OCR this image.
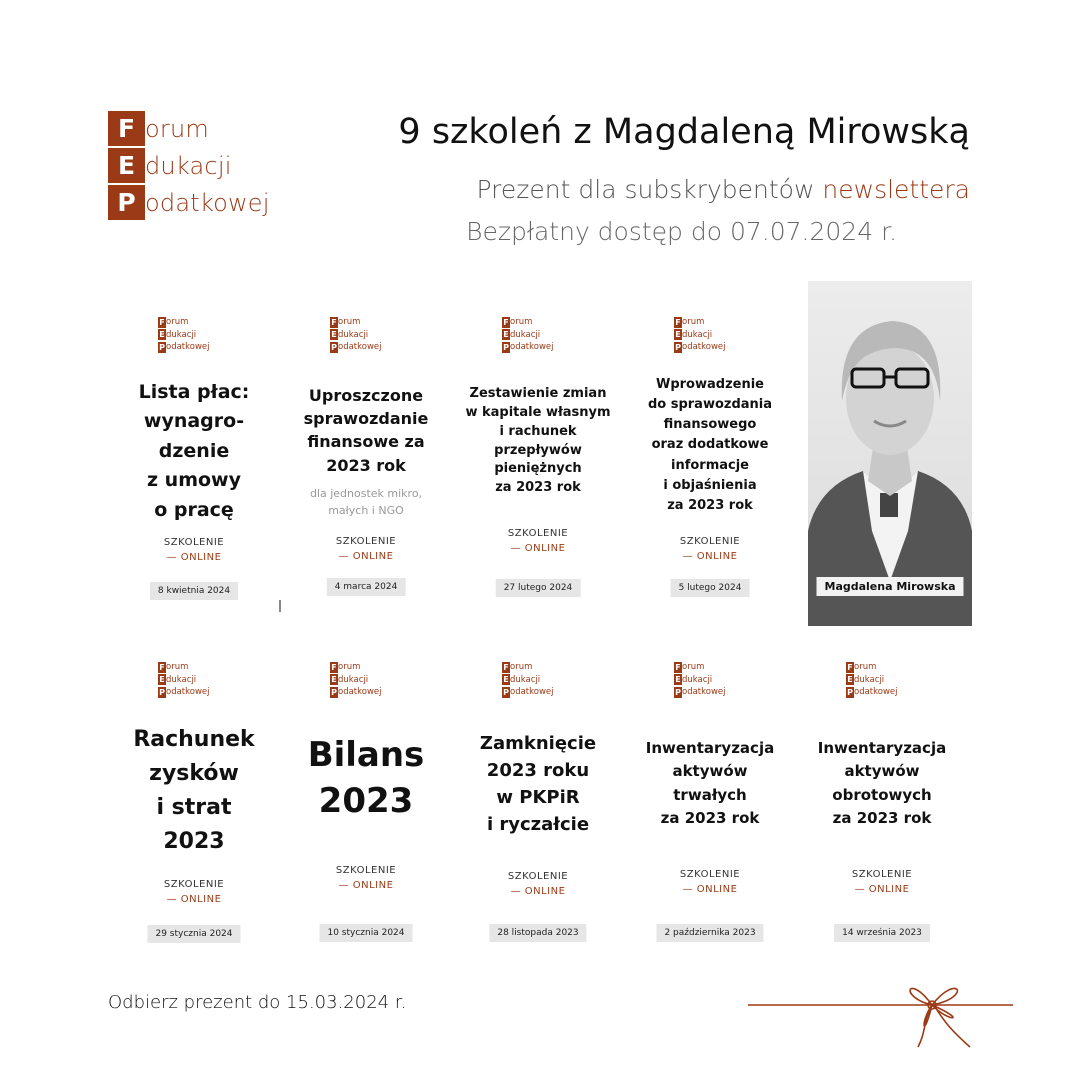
F orum
E dukacji
P odatkowej
9 szkoleń z Magdaleną Mirowską
Prezent dla subskrybentów newslettera
Bezpłatny dostęp do 07.07.2024 r.
F orum
E dukacji
P odatkowej
Lista płac:
wynagro-
dzenie
z umowy
o pracę
SZKOLENIE
— ONLINE
8 kwietnia 2024
F orum
E dukacji
P odatkowej
Uproszczone
sprawozdanie
finansowe za
2023 rok
dla jednostek mikro,
małych i NGO
SZKOLENIE
— ONLINE
4 marca 2024
F orum
E dukacji
P odatkowej
Zestawienie zmian
w kapitale własnym
i rachunek
przepływów
pieniężnych
za 2023 rok
SZKOLENIE
— ONLINE
27 lutego 2024
F orum
E dukacji
P odatkowej
Wprowadzenie
do sprawozdania
finansowego
oraz dodatkowe
informacje
i objaśnienia
za 2023 rok
SZKOLENIE
— ONLINE
5 lutego 2024
F orum
E dukacji
P odatkowej
Rachunek
zysków
i strat
2023
SZKOLENIE
— ONLINE
29 stycznia 2024
F orum
E dukacji
P odatkowej
Bilans
2023
SZKOLENIE
— ONLINE
10 stycznia 2024
F orum
E dukacji
P odatkowej
Zamknięcie
2023 roku
w PKPiR
i ryczałcie
SZKOLENIE
— ONLINE
28 listopada 2023
F orum
E dukacji
P odatkowej
Inwentaryzacja
aktywów
trwałych
za 2023 rok
SZKOLENIE
— ONLINE
2 października 2023
F orum
E dukacji
P odatkowej
Inwentaryzacja
aktywów
obrotowych
za 2023 rok
SZKOLENIE
— ONLINE
14 września 2023
Magdalena Mirowska
Odbierz prezent do 15.03.2024 r.
